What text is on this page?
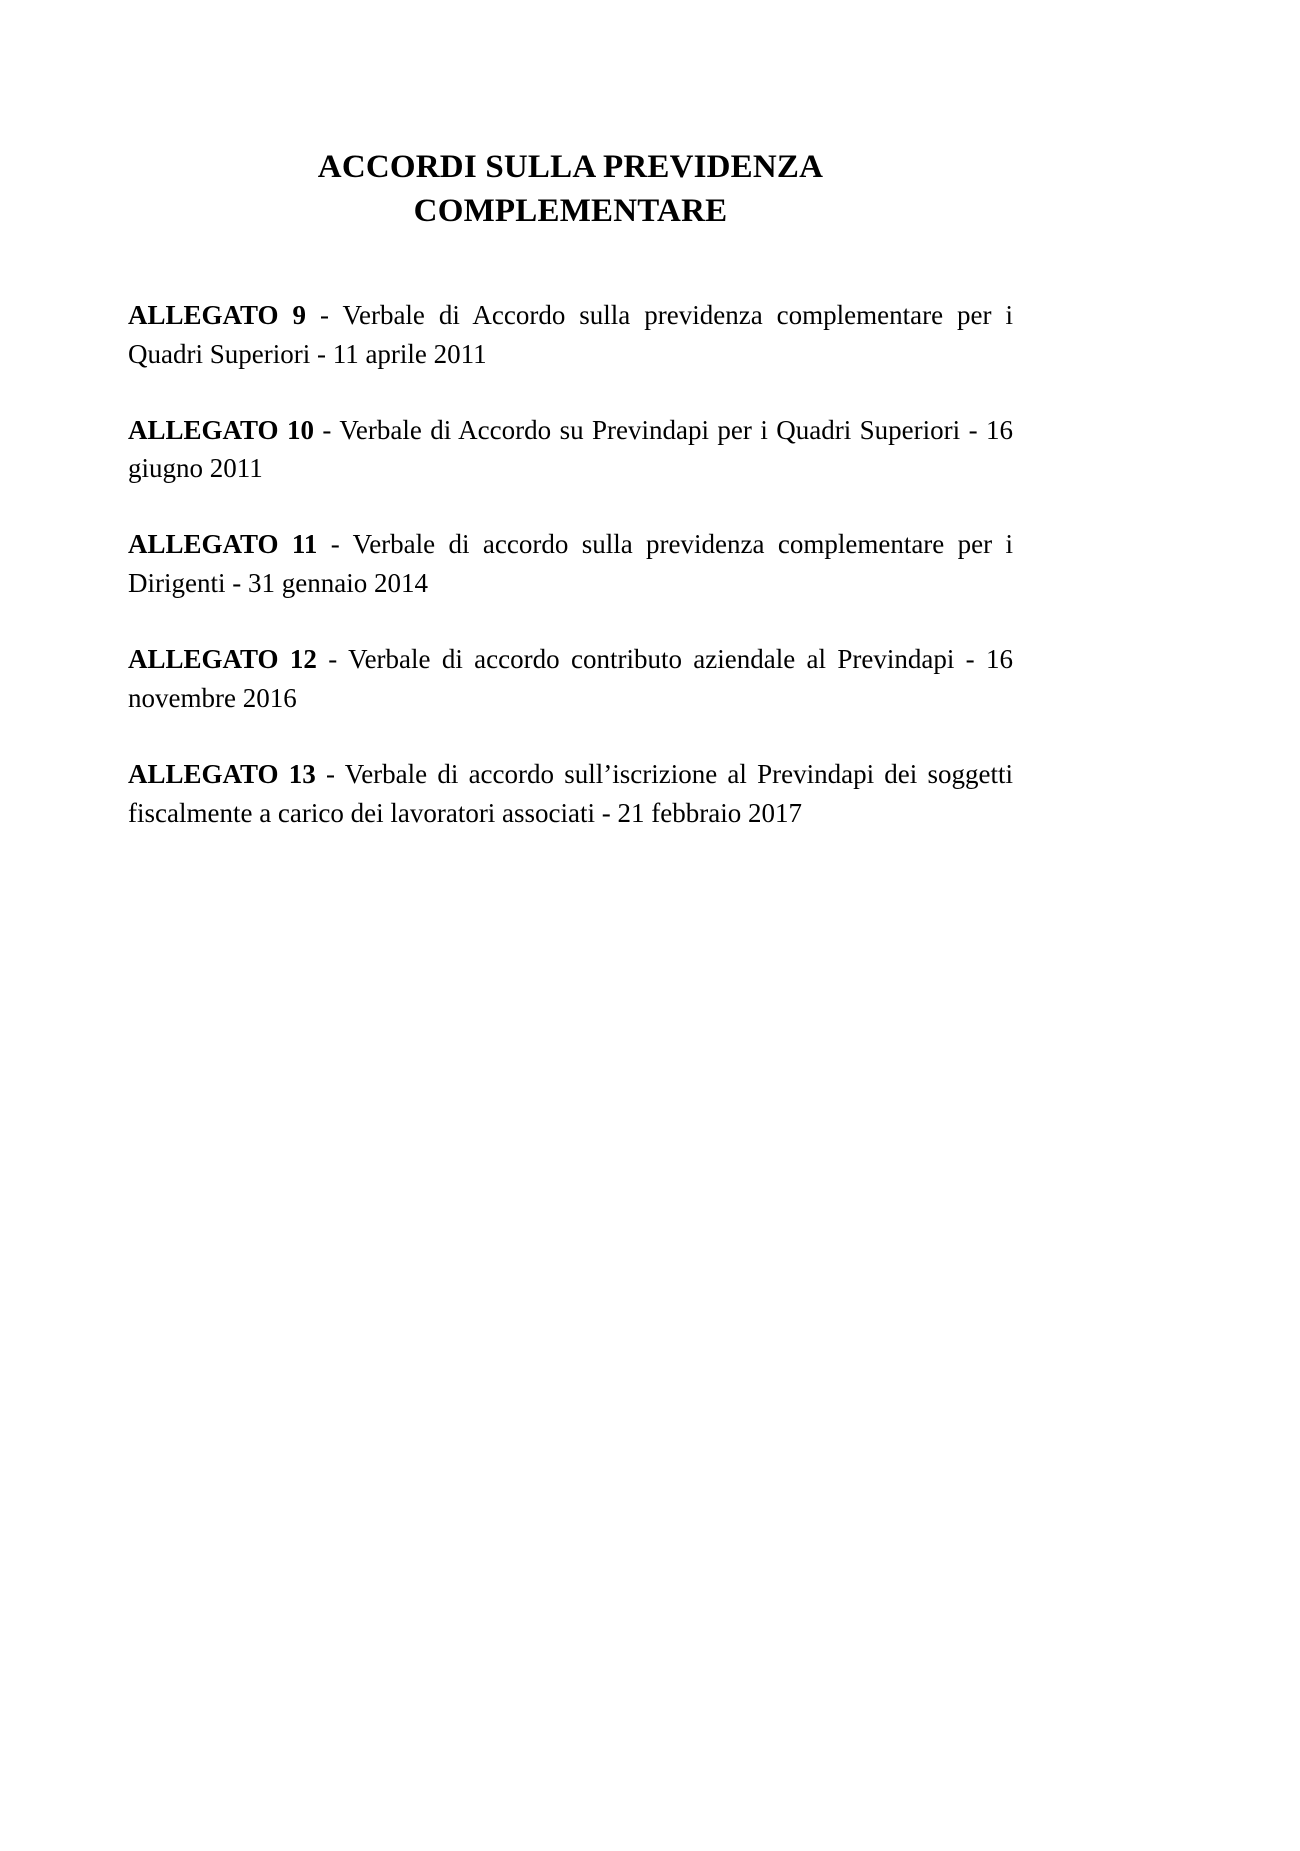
ACCORDI SULLA PREVIDENZA
COMPLEMENTARE

ALLEGATO 9 - Verbale di Accordo sulla previdenza complementare per i Quadri Superiori - 11 aprile 2011

ALLEGATO 10 - Verbale di Accordo su Previndapi per i Quadri Superiori - 16 giugno 2011

ALLEGATO 11 - Verbale di accordo sulla previdenza complementare per i Dirigenti - 31 gennaio 2014

ALLEGATO 12 - Verbale di accordo contributo aziendale al Previndapi - 16 novembre 2016

ALLEGATO 13 - Verbale di accordo sull’iscrizione al Previndapi dei soggetti fiscalmente a carico dei lavoratori associati - 21 febbraio 2017
